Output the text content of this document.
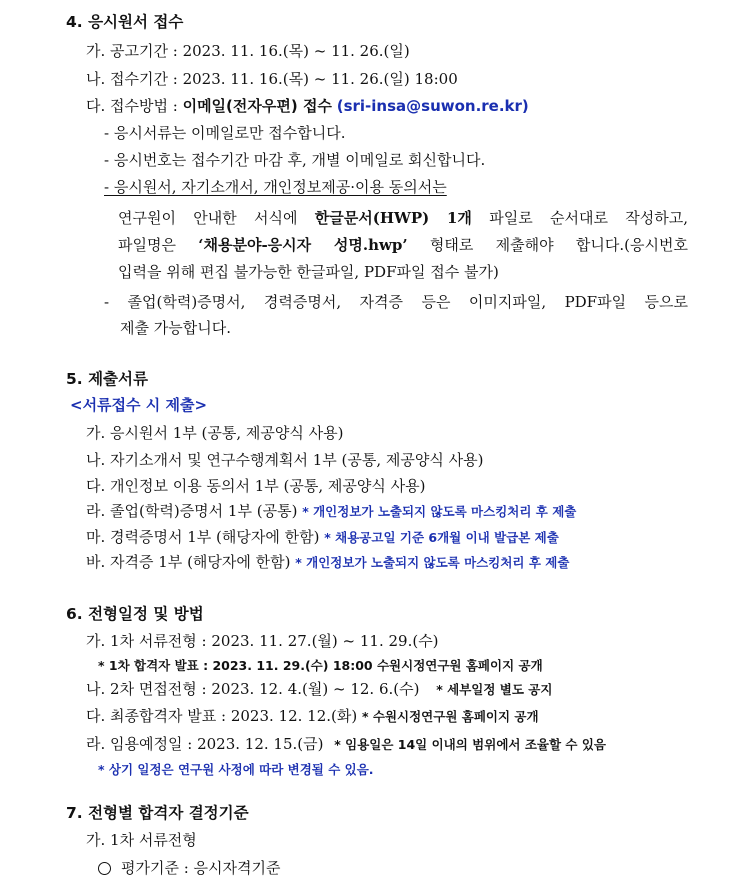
4. 응시원서 접수
가. 공고기간 : 2023. 11. 16.(목) ~ 11. 26.(일)
나. 접수기간 : 2023. 11. 16.(목) ~ 11. 26.(일) 18:00
다. 접수방법 : 이메일(전자우편) 접수 (sri-insa@suwon.re.kr)
- 응시서류는 이메일로만 접수합니다.
- 응시번호는 접수기간 마감 후, 개별 이메일로 회신합니다.
- 응시원서, 자기소개서, 개인정보제공·이용 동의서는
연구원이 안내한 서식에 한글문서(HWP) 1개 파일로 순서대로 작성하고,
파일명은 ‘채용분야-응시자 성명.hwp’ 형태로 제출해야 합니다.(응시번호
입력을 위해 편집 불가능한 한글파일, PDF파일 접수 불가)
- 졸업(학력)증명서, 경력증명서, 자격증 등은 이미지파일, PDF파일 등으로
제출 가능합니다.
5. 제출서류
<서류접수 시 제출>
가. 응시원서 1부 (공통, 제공양식 사용)
나. 자기소개서 및 연구수행계획서 1부 (공통, 제공양식 사용)
다. 개인정보 이용 동의서 1부 (공통, 제공양식 사용)
라. 졸업(학력)증명서 1부 (공통) * 개인정보가 노출되지 않도록 마스킹처리 후 제출
마. 경력증명서 1부 (해당자에 한함) * 채용공고일 기준 6개월 이내 발급본 제출
바. 자격증 1부 (해당자에 한함) * 개인정보가 노출되지 않도록 마스킹처리 후 제출
6. 전형일정 및 방법
가. 1차 서류전형 : 2023. 11. 27.(월) ~ 11. 29.(수)
* 1차 합격자 발표 : 2023. 11. 29.(수) 18:00 수원시정연구원 홈페이지 공개
나. 2차 면접전형 : 2023. 12. 4.(월) ~ 12. 6.(수) * 세부일정 별도 공지
다. 최종합격자 발표 : 2023. 12. 12.(화) * 수원시정연구원 홈페이지 공개
라. 임용예정일 : 2023. 12. 15.(금) * 임용일은 14일 이내의 범위에서 조율할 수 있음
* 상기 일정은 연구원 사정에 따라 변경될 수 있음.
7. 전형별 합격자 결정기준
가. 1차 서류전형
평가기준 : 응시자격기준
